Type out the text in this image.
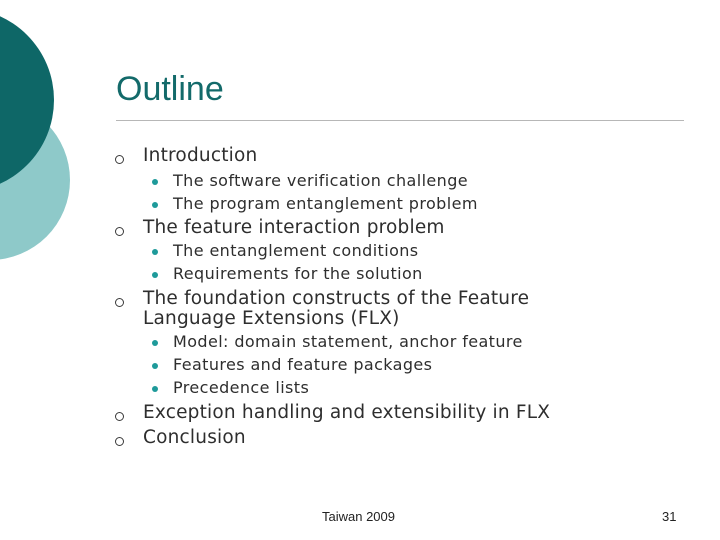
Outline
Introduction
The software verification challenge
The program entanglement problem
The feature interaction problem
The entanglement conditions
Requirements for the solution
The foundation constructs of the Feature
Language Extensions (FLX)
Model: domain statement, anchor feature
Features and feature packages
Precedence lists
Exception handling and extensibility in FLX
Conclusion
Taiwan 2009	31
